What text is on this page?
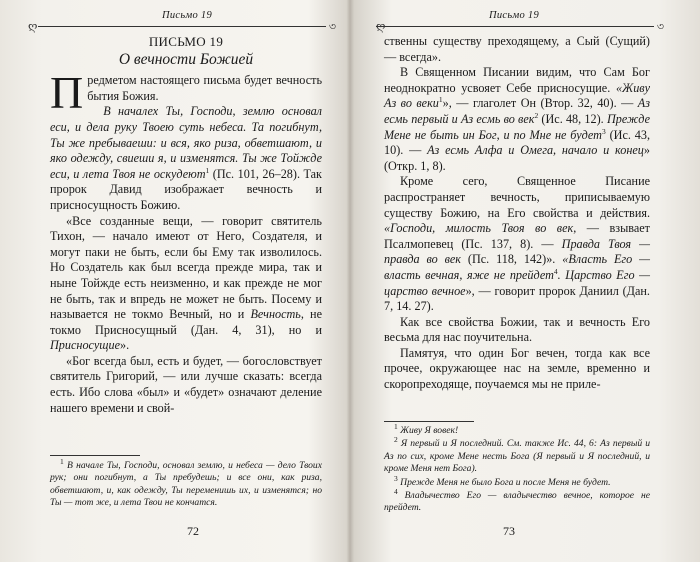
ღ
Письмо 19
৩
ПИСЬМО 19
О вечности Божией

Предметом настоящего письма будет вечность бытия Божия.

В началех Ты, Господи, землю основал еси, и дела руку Твоею суть небеса. Та погибнут, Ты же пребываеши: и вся, яко риза, обветшают, и яко одежду, свиеши я, и изменятся. Ты же Тойжде еси, и лета Твоя не оскудеют$^1$ (Пс. 101, 26–28). Так пророк Давид изображает вечность и присносущность Божию.

«Все созданные вещи, — говорит святитель Тихон, — начало имеют от Него, Создателя, и могут паки не быть, если бы Ему так изволилось. Но Создатель как был всегда прежде мира, так и ныне Тойжде есть неизменно, и как прежде не мог не быть, так и впредь не может не быть. Посему и называется не токмо Вечный, но и Вечность, не токмо Присносущный (Дан. 4, 31), но и Присносущие».

«Бог всегда был, есть и будет, — богословствует святитель Григорий, — или лучше сказать: всегда есть. Ибо слова «был» и «будет» означают деление нашего времени и свой-

$^1$ В начале Ты, Господи, основал землю, и небеса — дело Твоих рук; они погибнут, а Ты пребудешь; и все они, как риза, обветшают, и, как одежду, Ты переменишь их, и изменятся; но Ты — тот же, и лета Твои не кончатся.

72
ღ
Письмо 19
৩

ственны существу преходящему, а Сый (Сущий) — всегда».

В Священном Писании видим, что Сам Бог неоднократно усвояет Себе присносущие. «Живу Аз во веки$^1$», — глаголет Он (Втор. 32, 40). — Аз есмь первый и Аз есмь во век$^2$ (Ис. 48, 12). Прежде Мене не быть ин Бог, и по Мне не будет$^3$ (Ис. 43, 10). — Аз есмь Алфа и Омега, начало и конец» (Откр. 1, 8).

Кроме сего, Священное Писание распространяет вечность, приписываемую существу Божию, на Его свойства и действия. «Господи, милость Твоя во век, — взывает Псалмопевец (Пс. 137, 8). — Правда Твоя — правда во век (Пс. 118, 142)». «Власть Его — власть вечная, яже не прейдет$^4$. Царство Его — царство вечное», — говорит пророк Даниил (Дан. 7, 14. 27).

Как все свойства Божии, так и вечность Его весьма для нас поучительна.

Памятуя, что один Бог вечен, тогда как все прочее, окружающее нас на земле, временно и скоропреходяще, поучаемся мы не приле-

$^1$ Живу Я вовек!

$^2$ Я первый и Я последний. См. также Ис. 44, 6: Аз первый и Аз по сих, кроме Мене несть Бога (Я первый и Я последний, и кроме Меня нет Бога).

$^3$ Прежде Меня не было Бога и после Меня не будет.

$^4$ Владычество Его — владычество вечное, которое не прейдет.

73
